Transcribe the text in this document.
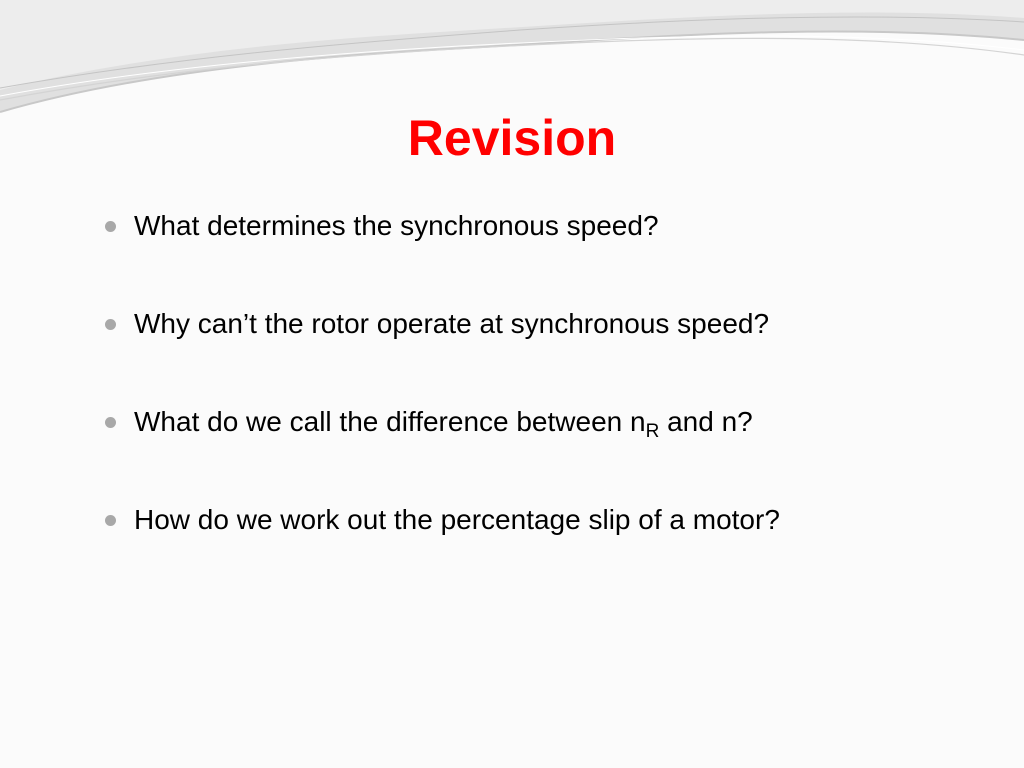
Revision
What determines the synchronous speed?
Why can’t the rotor operate at synchronous speed?
What do we call the difference between $n_R$ and n?
How do we work out the percentage slip of a motor?
